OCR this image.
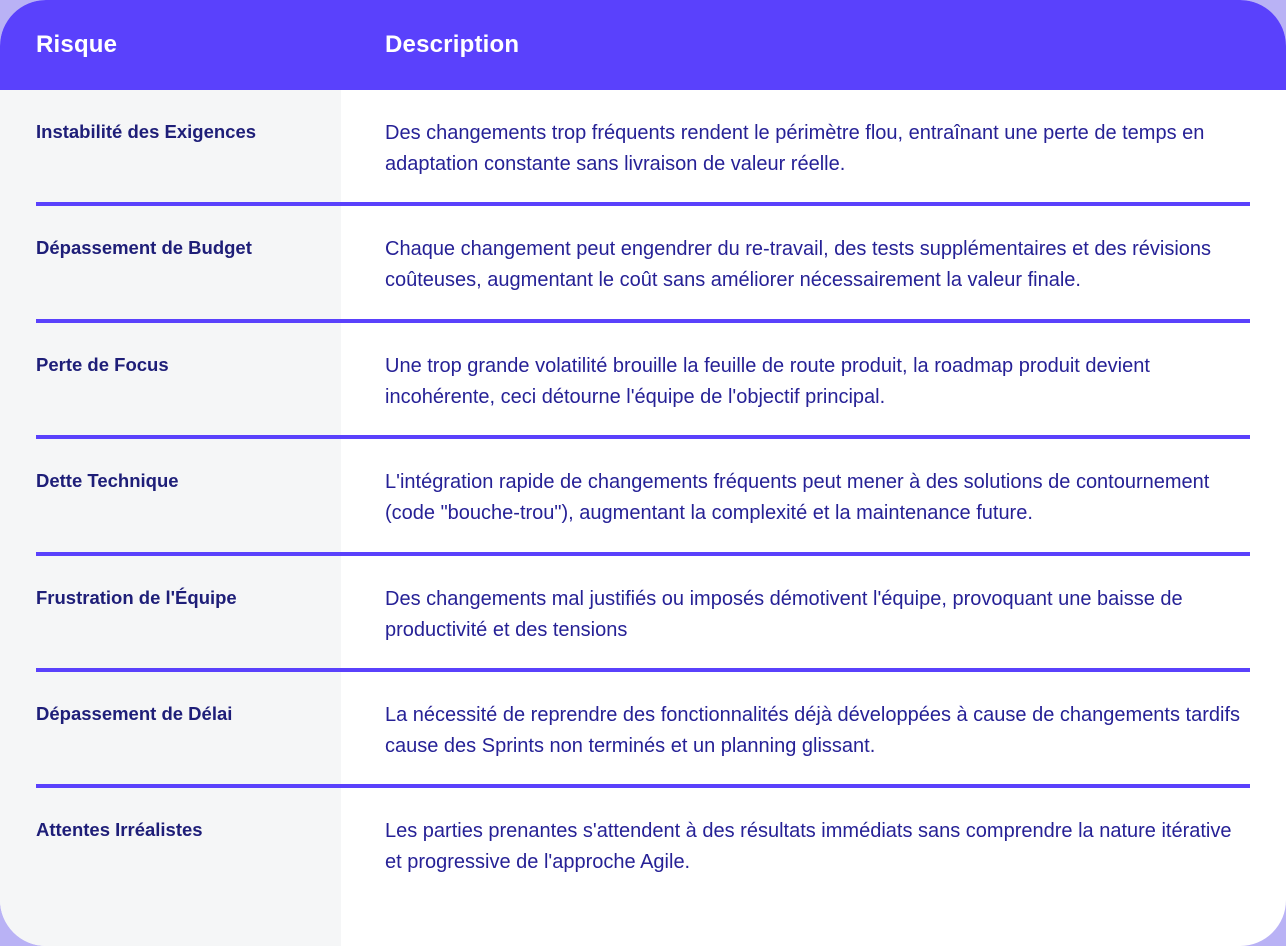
Risque	Description
Instabilité des Exigences	Des changements trop fréquents rendent le périmètre flou, entraînant une perte de temps en adaptation constante sans livraison de valeur réelle.
Dépassement de Budget	Chaque changement peut engendrer du re-travail, des tests supplémentaires et des révisions coûteuses, augmentant le coût sans améliorer nécessairement la valeur finale.
Perte de Focus	Une trop grande volatilité brouille la feuille de route produit, la roadmap produit devient incohérente, ceci détourne l'équipe de l'objectif principal.
Dette Technique	L'intégration rapide de changements fréquents peut mener à des solutions de contournement (code "bouche-trou"), augmentant la complexité et la maintenance future.
Frustration de l'Équipe	Des changements mal justifiés ou imposés démotivent l'équipe, provoquant une baisse de productivité et des tensions
Dépassement de Délai	La nécessité de reprendre des fonctionnalités déjà développées à cause de changements tardifs cause des Sprints non terminés et un planning glissant.
Attentes Irréalistes	Les parties prenantes s'attendent à des résultats immédiats sans comprendre la nature itérative et progressive de l'approche Agile.
